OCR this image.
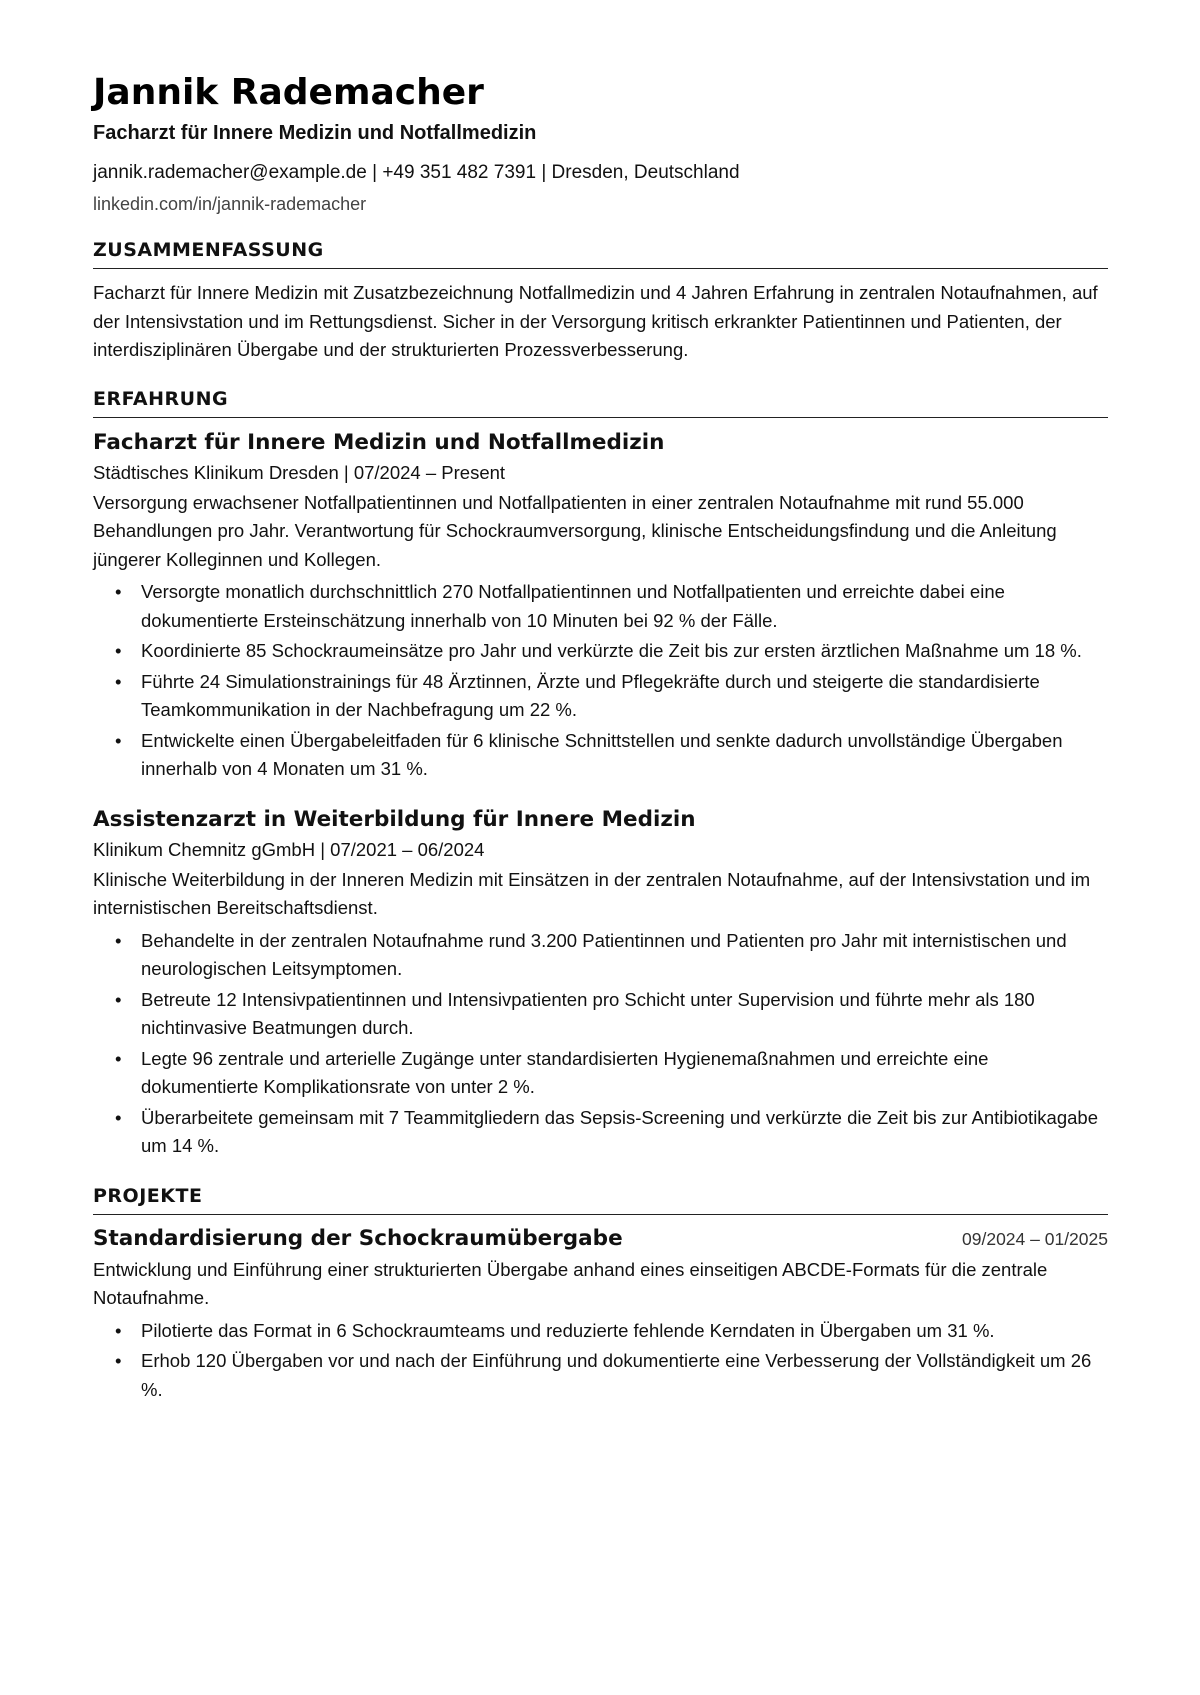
Jannik Rademacher
Facharzt für Innere Medizin und Notfallmedizin
jannik.rademacher@example.de | +49 351 482 7391 | Dresden, Deutschland
linkedin.com/in/jannik-rademacher
ZUSAMMENFASSUNG
Facharzt für Innere Medizin mit Zusatzbezeichnung Notfallmedizin und 4 Jahren Erfahrung in zentralen Notaufnahmen, auf der Intensivstation und im Rettungsdienst. Sicher in der Versorgung kritisch erkrankter Patientinnen und Patienten, der interdisziplinären Übergabe und der strukturierten Prozessverbesserung.
ERFAHRUNG
Facharzt für Innere Medizin und Notfallmedizin
Städtisches Klinikum Dresden | 07/2024 – Present
Versorgung erwachsener Notfallpatientinnen und Notfallpatienten in einer zentralen Notaufnahme mit rund 55.000 Behandlungen pro Jahr. Verantwortung für Schockraumversorgung, klinische Entscheidungsfindung und die Anleitung jüngerer Kolleginnen und Kollegen.
• Versorgte monatlich durchschnittlich 270 Notfallpatientinnen und Notfallpatienten und erreichte dabei eine dokumentierte Ersteinschätzung innerhalb von 10 Minuten bei 92 % der Fälle.
• Koordinierte 85 Schockraumeinsätze pro Jahr und verkürzte die Zeit bis zur ersten ärztlichen Maßnahme um 18 %.
• Führte 24 Simulationstrainings für 48 Ärztinnen, Ärzte und Pflegekräfte durch und steigerte die standardisierte Teamkommunikation in der Nachbefragung um 22 %.
• Entwickelte einen Übergabeleitfaden für 6 klinische Schnittstellen und senkte dadurch unvollständige Übergaben innerhalb von 4 Monaten um 31 %.
Assistenzarzt in Weiterbildung für Innere Medizin
Klinikum Chemnitz gGmbH | 07/2021 – 06/2024
Klinische Weiterbildung in der Inneren Medizin mit Einsätzen in der zentralen Notaufnahme, auf der Intensivstation und im internistischen Bereitschaftsdienst.
• Behandelte in der zentralen Notaufnahme rund 3.200 Patientinnen und Patienten pro Jahr mit internistischen und neurologischen Leitsymptomen.
• Betreute 12 Intensivpatientinnen und Intensivpatienten pro Schicht unter Supervision und führte mehr als 180 nichtinvasive Beatmungen durch.
• Legte 96 zentrale und arterielle Zugänge unter standardisierten Hygienemaßnahmen und erreichte eine dokumentierte Komplikationsrate von unter 2 %.
• Überarbeitete gemeinsam mit 7 Teammitgliedern das Sepsis-Screening und verkürzte die Zeit bis zur Antibiotikagabe um 14 %.
PROJEKTE
Standardisierung der Schockraumübergabe	09/2024 – 01/2025
Entwicklung und Einführung einer strukturierten Übergabe anhand eines einseitigen ABCDE-Formats für die zentrale Notaufnahme.
• Pilotierte das Format in 6 Schockraumteams und reduzierte fehlende Kerndaten in Übergaben um 31 %.
• Erhob 120 Übergaben vor und nach der Einführung und dokumentierte eine Verbesserung der Vollständigkeit um 26 %.
